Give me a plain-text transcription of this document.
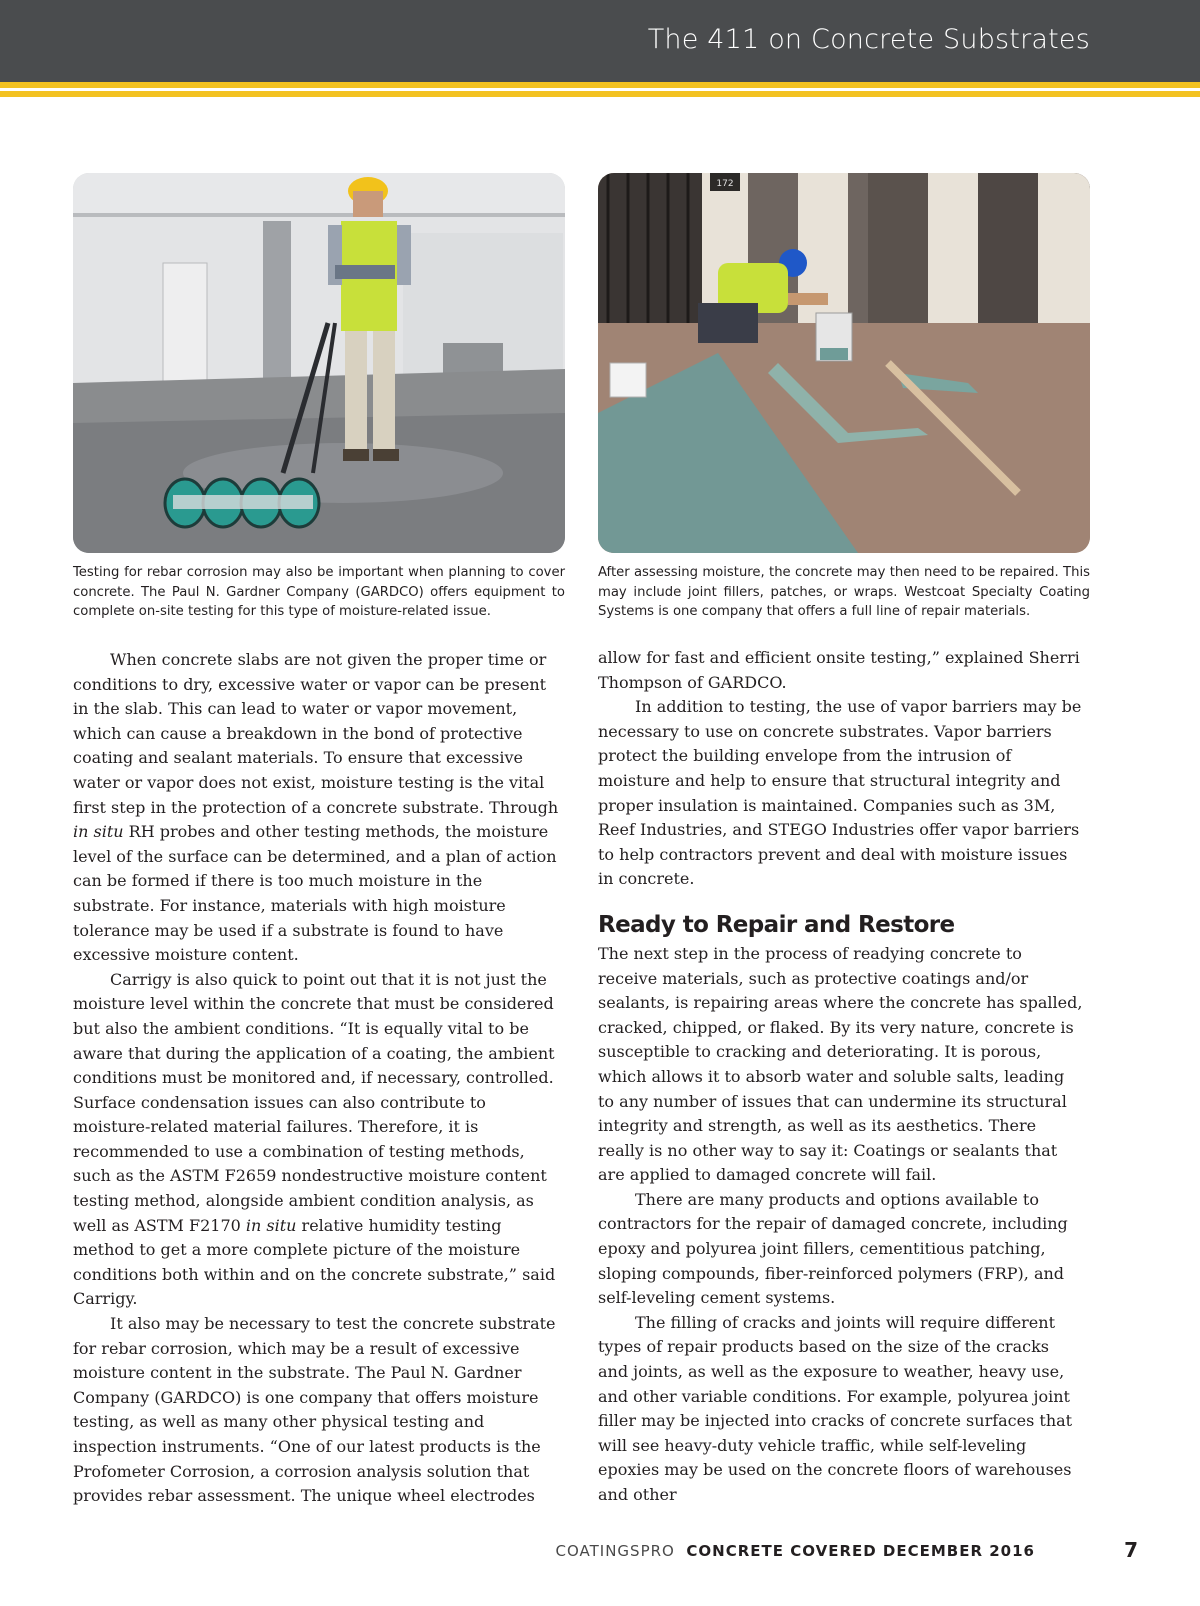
The 411 on Concrete Substrates
172
Testing for rebar corrosion may also be important when planning to cover concrete. The Paul N. Gardner Company (GARDCO) offers equipment to complete on-site testing for this type of moisture-related issue.
After assessing moisture, the concrete may then need to be repaired. This may include joint fillers, patches, or wraps. Westcoat Specialty Coating Systems is one company that offers a full line of repair materials.

When concrete slabs are not given the proper time or conditions to dry, excessive water or vapor can be present in the slab. This can lead to water or vapor movement, which can cause a breakdown in the bond of protective coating and sealant materials. To ensure that excessive water or vapor does not exist, moisture testing is the vital first step in the protection of a concrete substrate. Through in situ RH probes and other testing methods, the moisture level of the surface can be determined, and a plan of action can be formed if there is too much moisture in the substrate. For instance, materials with high moisture tolerance may be used if a substrate is found to have excessive moisture content.

Carrigy is also quick to point out that it is not just the moisture level within the concrete that must be considered but also the ambient conditions. “It is equally vital to be aware that during the application of a coating, the ambient conditions must be monitored and, if necessary, controlled. Surface condensation issues can also contribute to moisture-related material failures. Therefore, it is recommended to use a combination of testing methods, such as the ASTM F2659 nondestructive moisture content testing method, alongside ambient condition analysis, as well as ASTM F2170 in situ relative humidity testing method to get a more complete picture of the moisture conditions both within and on the concrete substrate,” said Carrigy.

It also may be necessary to test the concrete substrate for rebar corrosion, which may be a result of excessive moisture content in the substrate. The Paul N. Gardner Company (GARDCO) is one company that offers moisture testing, as well as many other physical testing and inspection instruments. “One of our latest products is the Profometer Corrosion, a corrosion analysis solution that provides rebar assessment. The unique wheel electrodes

allow for fast and efficient onsite testing,” explained Sherri Thompson of GARDCO.

In addition to testing, the use of vapor barriers may be necessary to use on concrete substrates. Vapor barriers protect the building envelope from the intrusion of moisture and help to ensure that structural integrity and proper insulation is maintained. Companies such as 3M, Reef Industries, and STEGO Industries offer vapor barriers to help contractors prevent and deal with moisture issues in concrete.

Ready to Repair and Restore

The next step in the process of readying concrete to receive materials, such as protective coatings and/or sealants, is repairing areas where the concrete has spalled, cracked, chipped, or flaked. By its very nature, concrete is susceptible to cracking and deteriorating. It is porous, which allows it to absorb water and soluble salts, leading to any number of issues that can undermine its structural integrity and strength, as well as its aesthetics. There really is no other way to say it: Coatings or sealants that are applied to damaged concrete will fail.

There are many products and options available to contractors for the repair of damaged concrete, including epoxy and polyurea joint fillers, cementitious patching, sloping compounds, fiber-reinforced polymers (FRP), and self-leveling cement systems.

The filling of cracks and joints will require different types of repair products based on the size of the cracks and joints, as well as the exposure to weather, heavy use, and other variable conditions. For example, polyurea joint filler may be injected into cracks of concrete surfaces that will see heavy-duty vehicle traffic, while self-leveling epoxies may be used on the concrete floors of warehouses and other

COATINGSPRO CONCRETE COVERED DECEMBER 2016	7
